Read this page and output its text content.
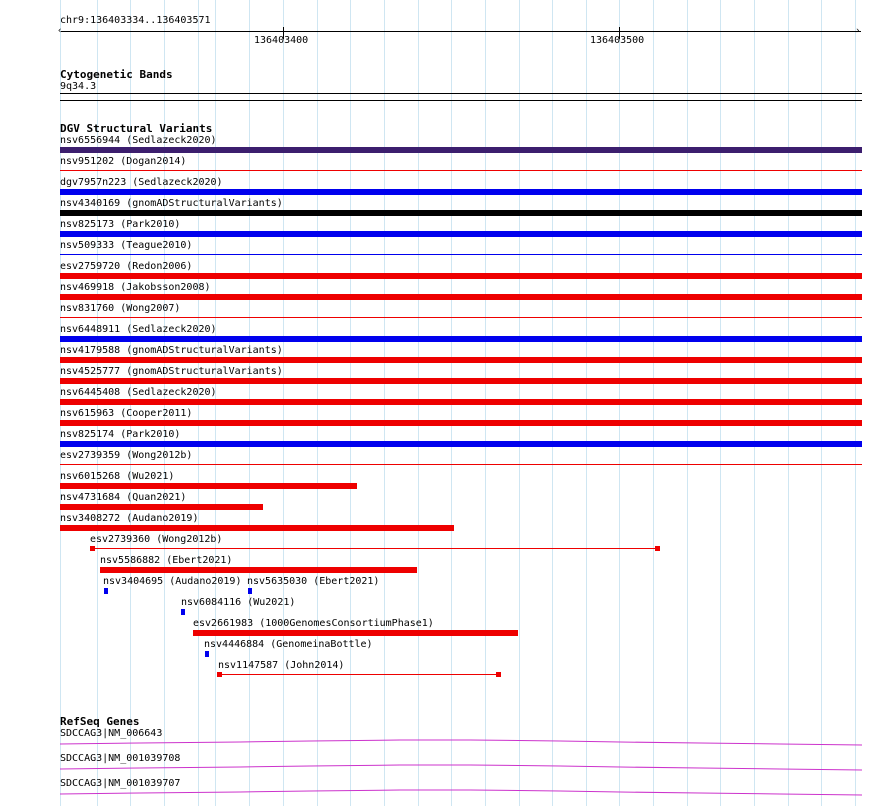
chr9:136403334..136403571
‹	›
136403400	136403500
Cytogenetic Bands
9q34.3
DGV Structural Variants
nsv6556944 (Sedlazeck2020)
nsv951202 (Dogan2014)
dgv7957n223 (Sedlazeck2020)
nsv4340169 (gnomADStructuralVariants)
nsv825173 (Park2010)
nsv509333 (Teague2010)
esv2759720 (Redon2006)
nsv469918 (Jakobsson2008)
nsv831760 (Wong2007)
nsv6448911 (Sedlazeck2020)
nsv4179588 (gnomADStructuralVariants)
nsv4525777 (gnomADStructuralVariants)
nsv6445408 (Sedlazeck2020)
nsv615963 (Cooper2011)
nsv825174 (Park2010)
esv2739359 (Wong2012b)
nsv6015268 (Wu2021)
nsv4731684 (Quan2021)
nsv3408272 (Audano2019)
esv2739360 (Wong2012b)
nsv5586882 (Ebert2021)
nsv3404695 (Audano2019) nsv5635030 (Ebert2021)
nsv6084116 (Wu2021)
esv2661983 (1000GenomesConsortiumPhase1)
nsv4446884 (GenomeinaBottle)
nsv1147587 (John2014)
RefSeq Genes
SDCCAG3|NM_006643
SDCCAG3|NM_001039708
SDCCAG3|NM_001039707
